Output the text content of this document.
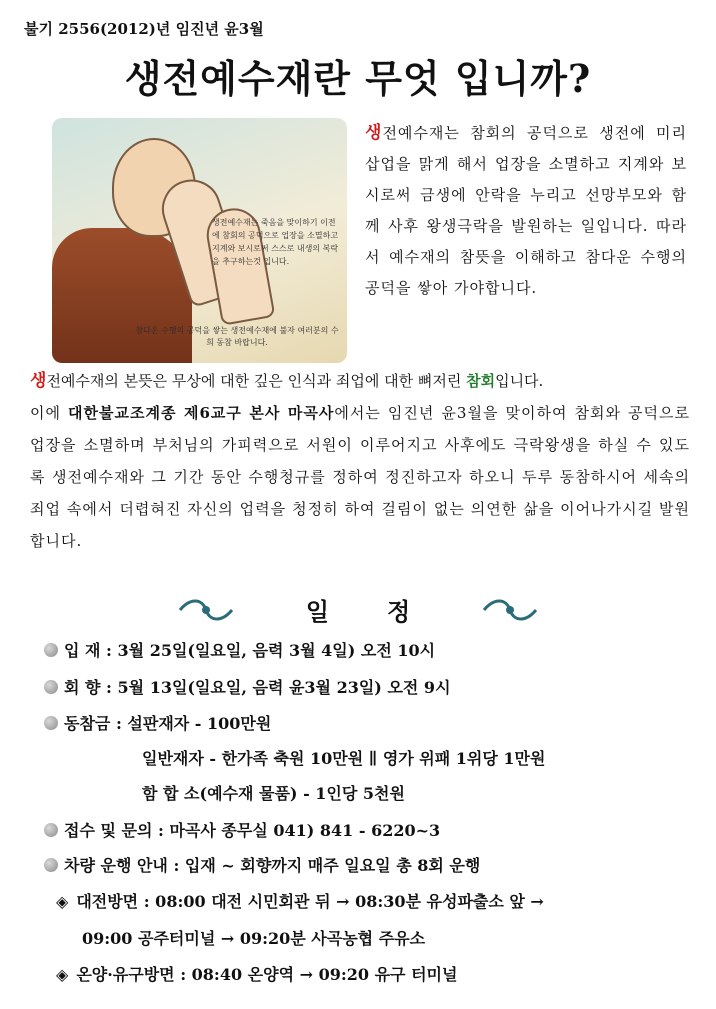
불기 2556(2012)년 임진년 윤3월
생전예수재란 무엇 입니까?
생전예수재는 죽음을 맞이하기 이전에 참회의 공덕으로 업장을 소멸하고 지계와 보시로써 스스로 내생의 복락을 추구하는것 입니다.
참다운 수행의 공덕을 쌓는 생전예수재에 불자 여러분의 수희 동참 바랍니다.
생전예수재는 참회의 공덕으로 생전에 미리 삽업을 맑게 해서 업장을 소멸하고 지계와 보시로써 금생에 안락을 누리고 선망부모와 함께 사후 왕생극락을 발원하는 일입니다. 따라서 예수재의 참뜻을 이해하고 참다운 수행의 공덕을 쌓아 가야합니다.
생전예수재의 본뜻은 무상에 대한 깊은 인식과 죄업에 대한 뼈저린 참회입니다.
이에 대한불교조계종 제6교구 본사 마곡사에서는 임진년 윤3월을 맞이하여 참회와 공덕으로 업장을 소멸하며 부처님의 가피력으로 서원이 이루어지고 사후에도 극락왕생을 하실 수 있도록 생전예수재와 그 기간 동안 수행청규를 정하여 정진하고자 하오니 두루 동참하시어 세속의 죄업 속에서 더렵혀진 자신의 업력을 청정히 하여 걸림이 없는 의연한 삶을 이어나가시길 발원합니다.
일정
입 재 : 3월 25일(일요일, 음력 3월 4일) 오전 10시
회 향 : 5월 13일(일요일, 음력 윤3월 23일) 오전 9시
동참금 : 설판재자 - 100만원
일반재자 - 한가족 축원 10만원 ∥ 영가 위패 1위당 1만원
함 합 소(예수재 물품) - 1인당 5천원
접수 및 문의 : 마곡사 종무실 041) 841 - 6220~3
차량 운행 안내 : 입재 ~ 회향까지 매주 일요일 총 8회 운행
◈ 대전방면 : 08:00 대전 시민회관 뒤 → 08:30분 유성파출소 앞 →
09:00 공주터미널 → 09:20분 사곡농협 주유소
◈ 온양·유구방면 : 08:40 온양역 → 09:20 유구 터미널
